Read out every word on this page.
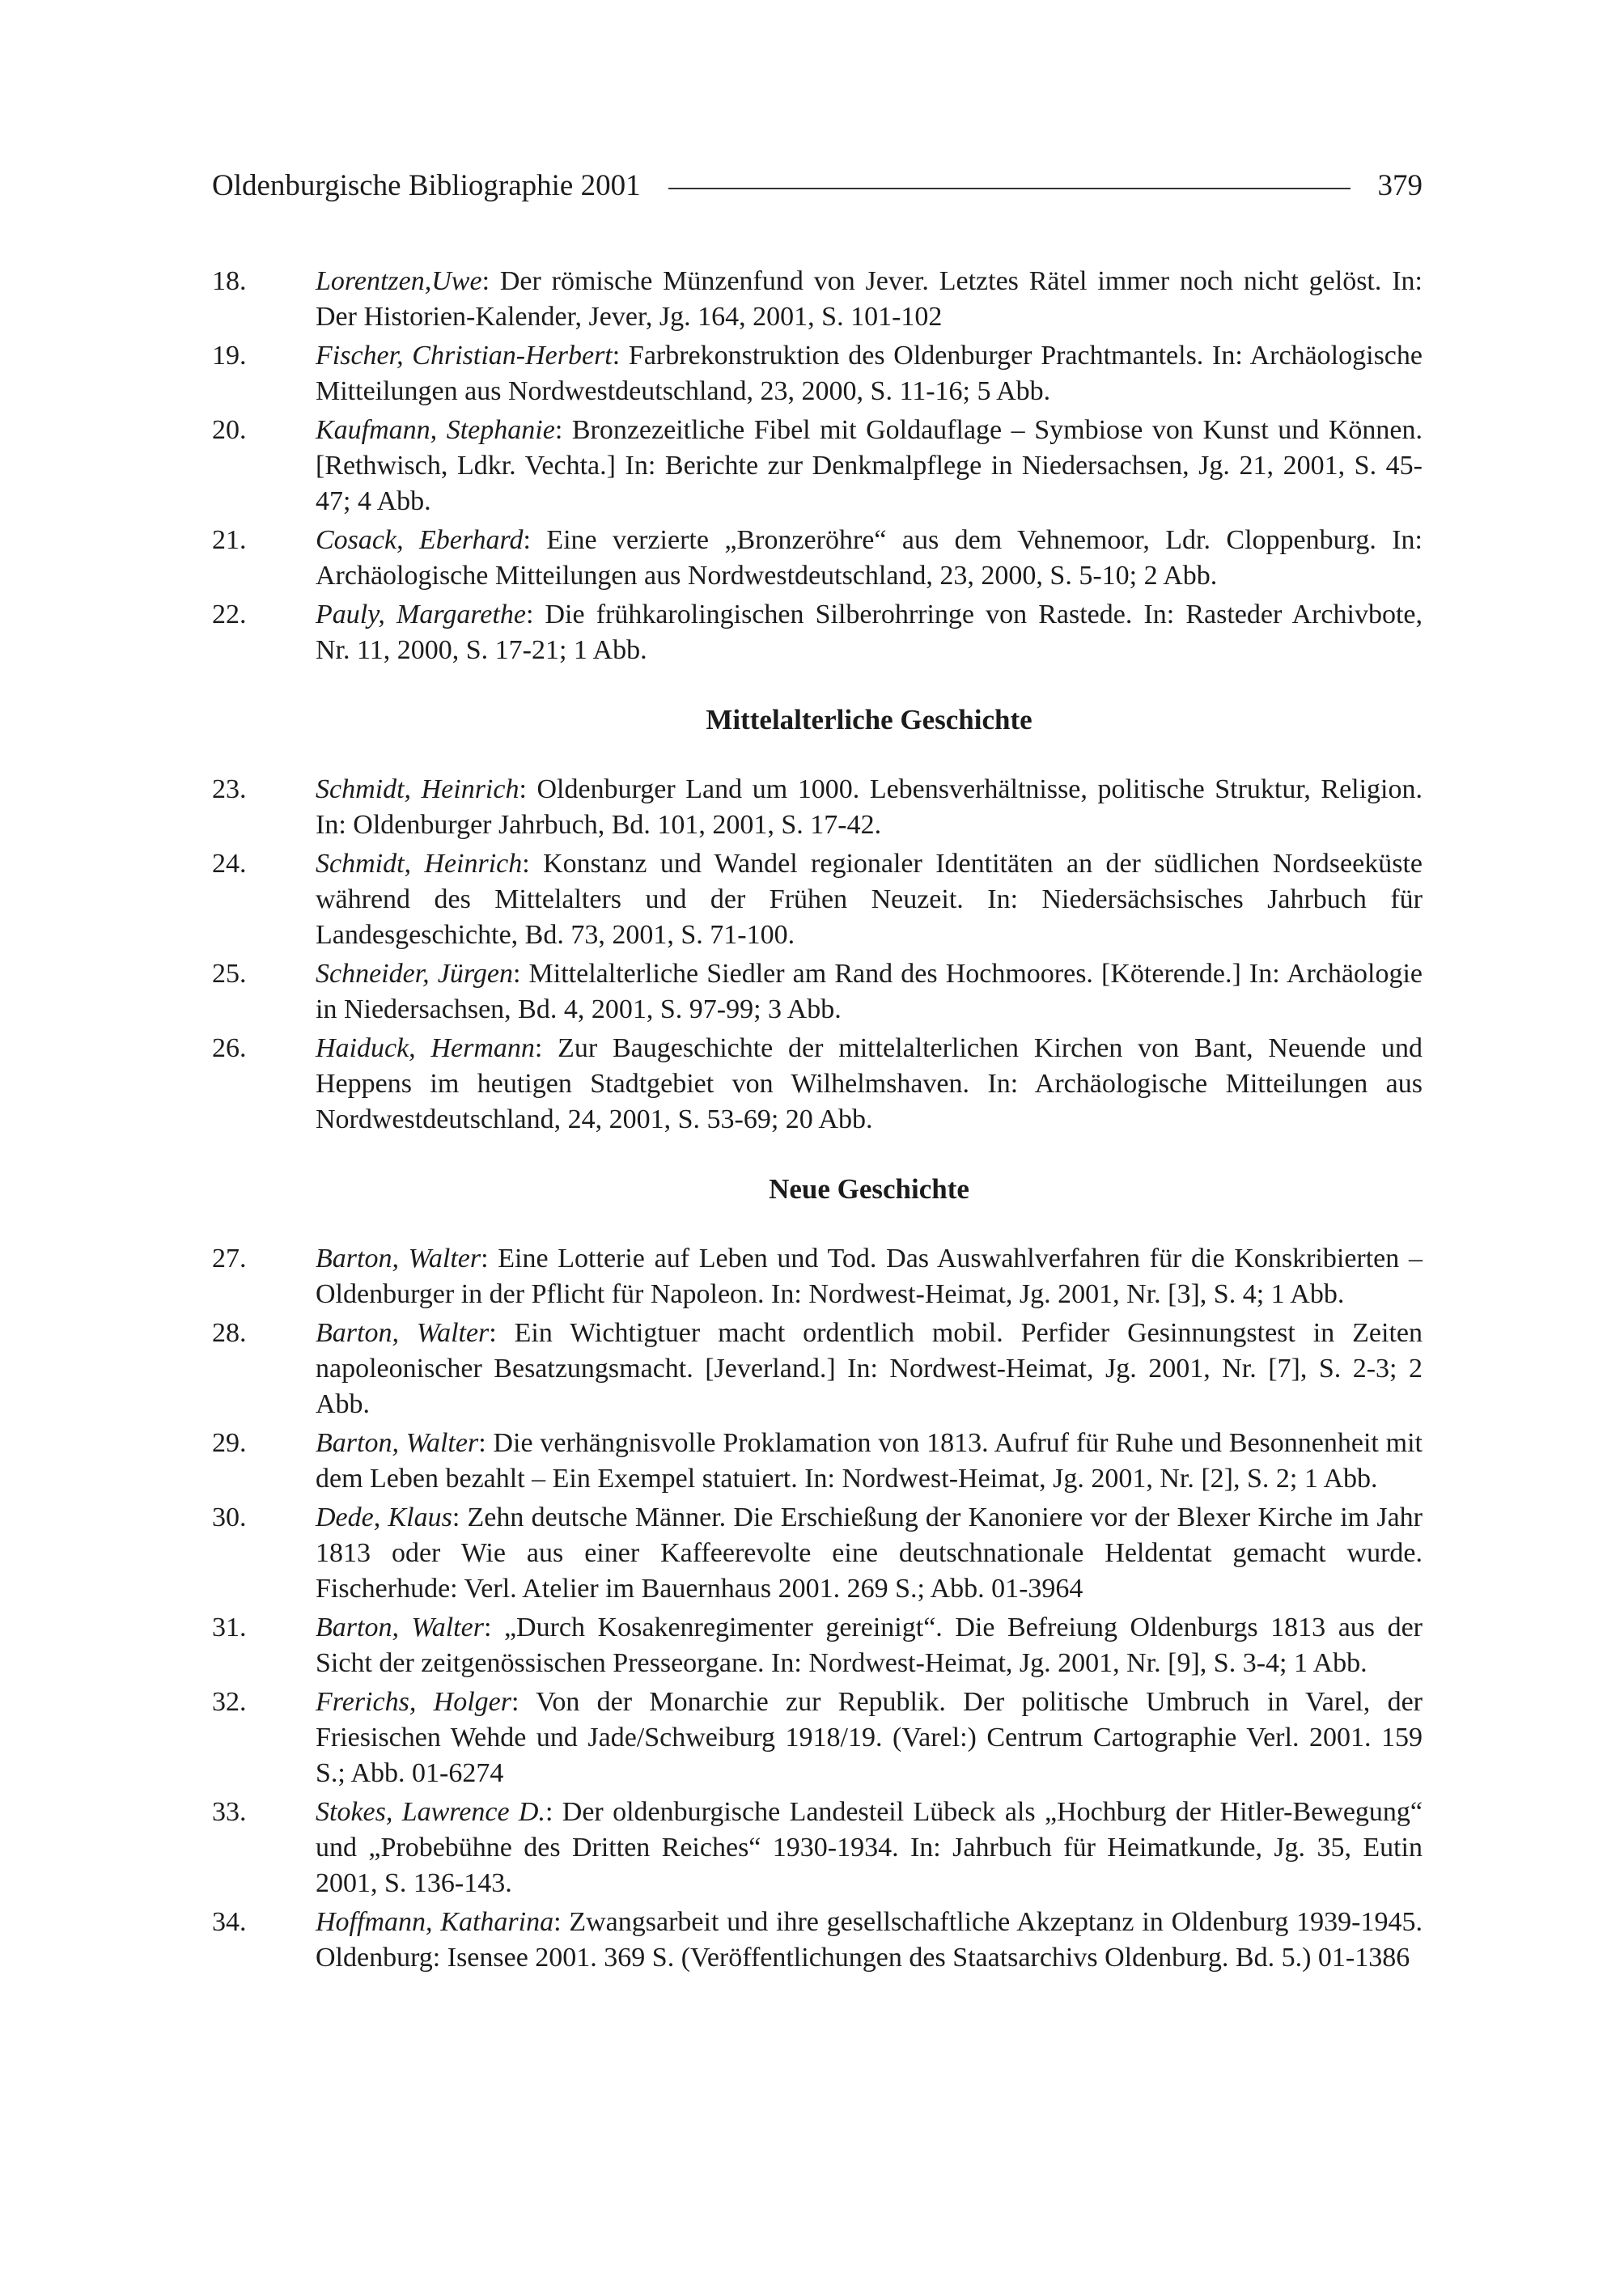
Oldenburgische Bibliographie 2001	379
18.	Lorentzen,Uwe: Der römische Münzenfund von Jever. Letztes Rätel immer noch nicht gelöst. In: Der Historien-Kalender, Jever, Jg. 164, 2001, S. 101-102
19.	Fischer, Christian-Herbert: Farbrekonstruktion des Oldenburger Prachtmantels. In: Archäologische Mitteilungen aus Nordwestdeutschland, 23, 2000, S. 11-16; 5 Abb.
20.	Kaufmann, Stephanie: Bronzezeitliche Fibel mit Goldauflage – Symbiose von Kunst und Können. [Rethwisch, Ldkr. Vechta.] In: Berichte zur Denkmalpflege in Niedersachsen, Jg. 21, 2001, S. 45-47; 4 Abb.
21.	Cosack, Eberhard: Eine verzierte „Bronzeröhre“ aus dem Vehnemoor, Ldr. Cloppenburg. In: Archäologische Mitteilungen aus Nordwestdeutschland, 23, 2000, S. 5-10; 2 Abb.
22.	Pauly, Margarethe: Die frühkarolingischen Silberohrringe von Rastede. In: Rasteder Archivbote, Nr. 11, 2000, S. 17-21; 1 Abb.
Mittelalterliche Geschichte
23.	Schmidt, Heinrich: Oldenburger Land um 1000. Lebensverhältnisse, politische Struktur, Religion. In: Oldenburger Jahrbuch, Bd. 101, 2001, S. 17-42.
24.	Schmidt, Heinrich: Konstanz und Wandel regionaler Identitäten an der südlichen Nordseeküste während des Mittelalters und der Frühen Neuzeit. In: Niedersächsisches Jahrbuch für Landesgeschichte, Bd. 73, 2001, S. 71-100.
25.	Schneider, Jürgen: Mittelalterliche Siedler am Rand des Hochmoores. [Köterende.] In: Archäologie in Niedersachsen, Bd. 4, 2001, S. 97-99; 3 Abb.
26.	Haiduck, Hermann: Zur Baugeschichte der mittelalterlichen Kirchen von Bant, Neuende und Heppens im heutigen Stadtgebiet von Wilhelmshaven. In: Archäologische Mitteilungen aus Nordwestdeutschland, 24, 2001, S. 53-69; 20 Abb.
Neue Geschichte
27.	Barton, Walter: Eine Lotterie auf Leben und Tod. Das Auswahlverfahren für die Konskribierten – Oldenburger in der Pflicht für Napoleon. In: Nordwest-Heimat, Jg. 2001, Nr. [3], S. 4; 1 Abb.
28.	Barton, Walter: Ein Wichtigtuer macht ordentlich mobil. Perfider Gesinnungstest in Zeiten napoleonischer Besatzungsmacht. [Jeverland.] In: Nordwest-Heimat, Jg. 2001, Nr. [7], S. 2-3; 2 Abb.
29.	Barton, Walter: Die verhängnisvolle Proklamation von 1813. Aufruf für Ruhe und Besonnenheit mit dem Leben bezahlt – Ein Exempel statuiert. In: Nordwest-Heimat, Jg. 2001, Nr. [2], S. 2; 1 Abb.
30.	Dede, Klaus: Zehn deutsche Männer. Die Erschießung der Kanoniere vor der Blexer Kirche im Jahr 1813 oder Wie aus einer Kaffeerevolte eine deutschnationale Heldentat gemacht wurde. Fischerhude: Verl. Atelier im Bauernhaus 2001. 269 S.; Abb. 01-3964
31.	Barton, Walter: „Durch Kosakenregimenter gereinigt“. Die Befreiung Oldenburgs 1813 aus der Sicht der zeitgenössischen Presseorgane. In: Nordwest-Heimat, Jg. 2001, Nr. [9], S. 3-4; 1 Abb.
32.	Frerichs, Holger: Von der Monarchie zur Republik. Der politische Umbruch in Varel, der Friesischen Wehde und Jade/Schweiburg 1918/19. (Varel:) Centrum Cartographie Verl. 2001. 159 S.; Abb. 01-6274
33.	Stokes, Lawrence D.: Der oldenburgische Landesteil Lübeck als „Hochburg der Hitler-Bewegung“ und „Probebühne des Dritten Reiches“ 1930-1934. In: Jahrbuch für Heimatkunde, Jg. 35, Eutin 2001, S. 136-143.
34.	Hoffmann, Katharina: Zwangsarbeit und ihre gesellschaftliche Akzeptanz in Oldenburg 1939-1945. Oldenburg: Isensee 2001. 369 S. (Veröffentlichungen des Staatsarchivs Oldenburg. Bd. 5.) 01-1386
